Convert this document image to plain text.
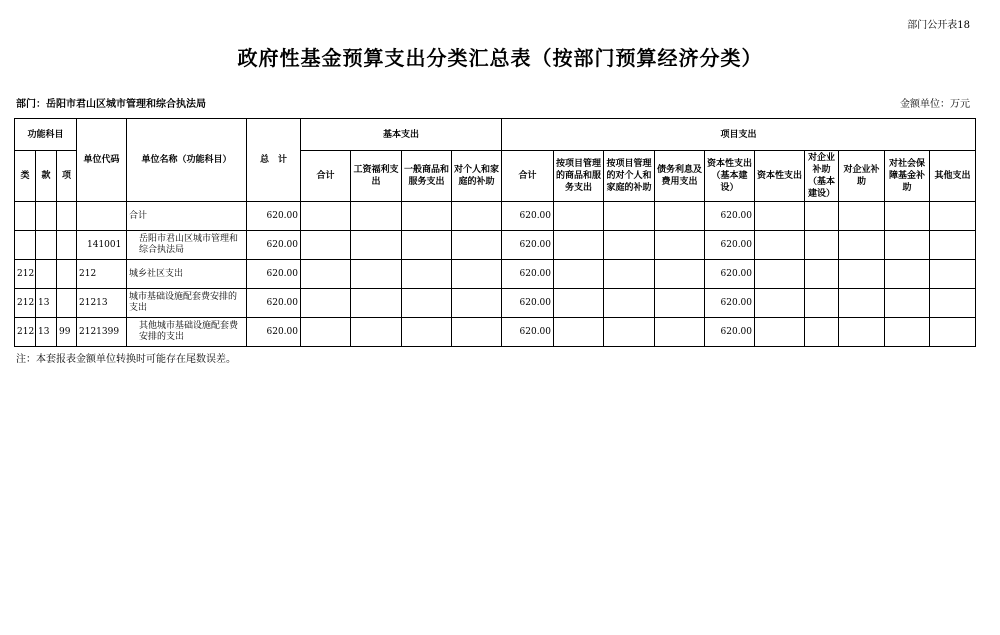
部门公开表18
政府性基金预算支出分类汇总表（按部门预算经济分类）
部门：岳阳市君山区城市管理和综合执法局	金额单位：万元
功能科目			单位代码	单位名称（功能科目）	总　计	基本支出				项目支出									
类	款	项				合计	工资福利支出	一般商品和服务支出	对个人和家庭的补助	合计	按项目管理的商品和服务支出	按项目管理的对个人和家庭的补助	债务利息及费用支出	资本性支出（基本建设）	资本性支出	对企业补助（基本建设）	对企业补助	对社会保障基金补助	其他支出
				合计	620.00					620.00				620.00					
			141001	岳阳市君山区城市管理和综合执法局	620.00					620.00				620.00					
212			212	城乡社区支出	620.00					620.00				620.00					
212	13		21213	城市基础设施配套费安排的支出	620.00					620.00				620.00					
212	13	99	2121399	其他城市基础设施配套费安排的支出	620.00					620.00				620.00					
注：本套报表金额单位转换时可能存在尾数误差。
